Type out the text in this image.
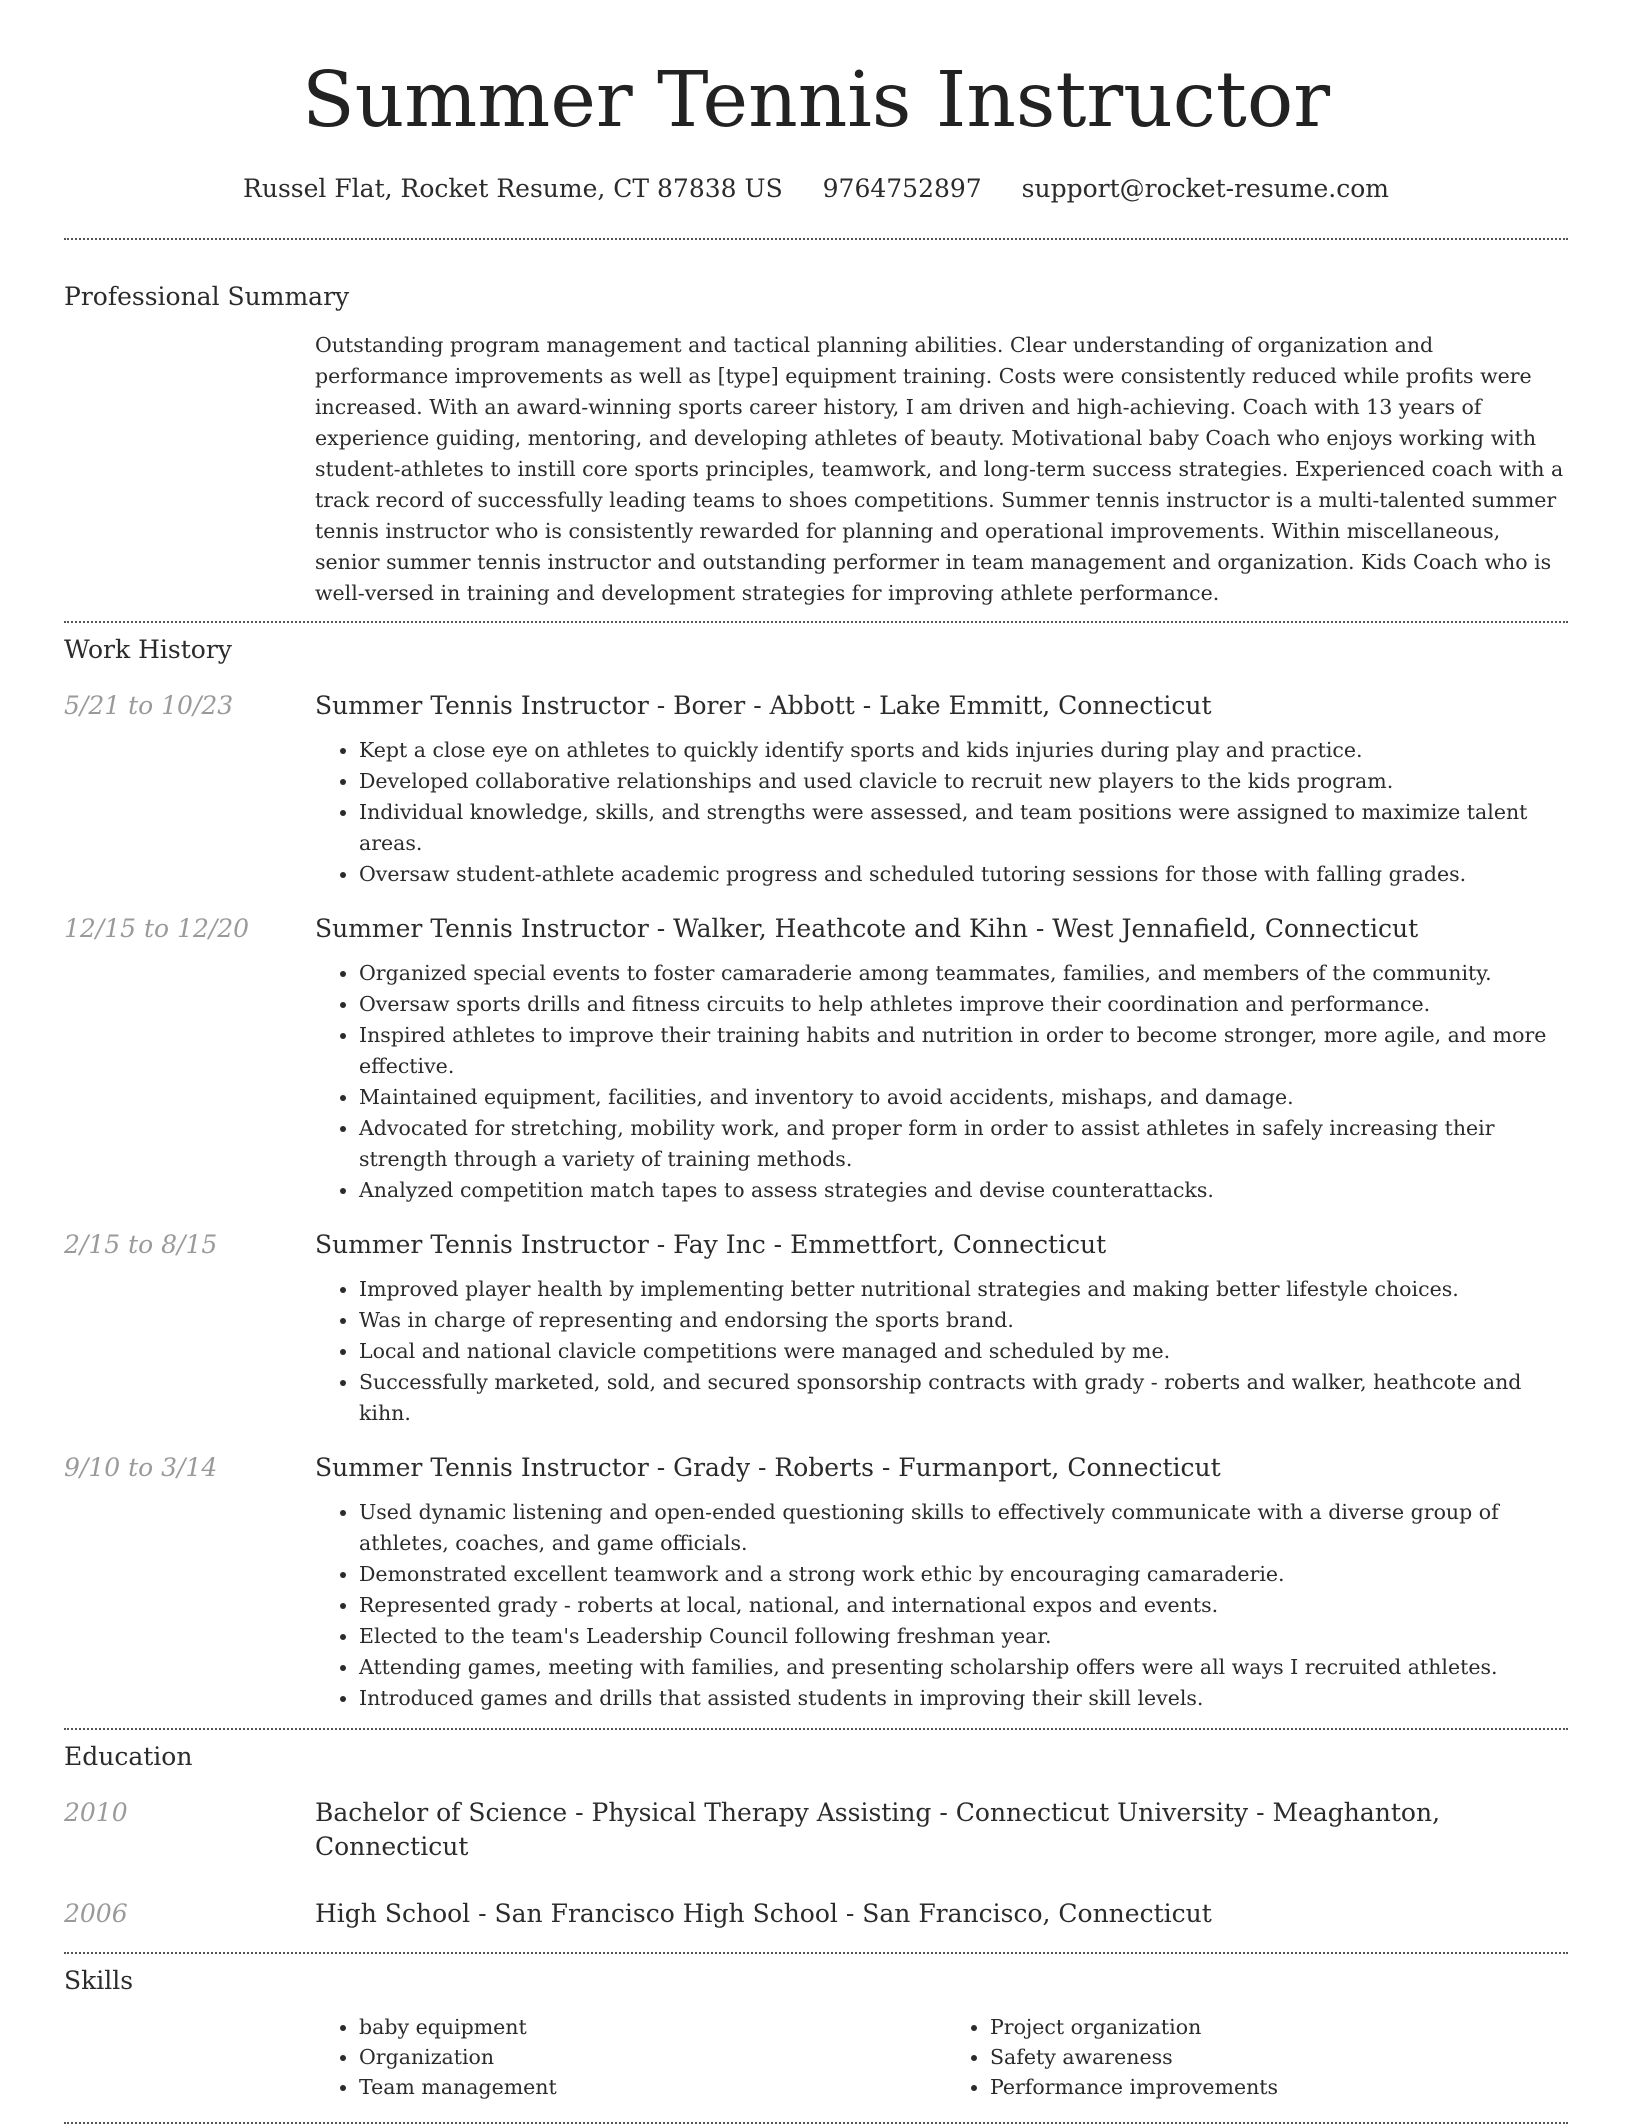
Summer Tennis Instructor
Russel Flat, Rocket Resume, CT 87838 US 9764752897 support@rocket-resume.com
Professional Summary
Outstanding program management and tactical planning abilities. Clear understanding of organization and performance improvements as well as [type] equipment training. Costs were consistently reduced while profits were increased. With an award-winning sports career history, I am driven and high-achieving. Coach with 13 years of experience guiding, mentoring, and developing athletes of beauty. Motivational baby Coach who enjoys working with student-athletes to instill core sports principles, teamwork, and long-term success strategies. Experienced coach with a track record of successfully leading teams to shoes competitions. Summer tennis instructor is a multi-talented summer tennis instructor who is consistently rewarded for planning and operational improvements. Within miscellaneous, senior summer tennis instructor and outstanding performer in team management and organization. Kids Coach who is well-versed in training and development strategies for improving athlete performance.
Work History
5/21 to 10/23	Summer Tennis Instructor - Borer - Abbott - Lake Emmitt, Connecticut
• Kept a close eye on athletes to quickly identify sports and kids injuries during play and practice.
• Developed collaborative relationships and used clavicle to recruit new players to the kids program.
• Individual knowledge, skills, and strengths were assessed, and team positions were assigned to maximize talent areas.
• Oversaw student-athlete academic progress and scheduled tutoring sessions for those with falling grades.
12/15 to 12/20	Summer Tennis Instructor - Walker, Heathcote and Kihn - West Jennafield, Connecticut
• Organized special events to foster camaraderie among teammates, families, and members of the community.
• Oversaw sports drills and fitness circuits to help athletes improve their coordination and performance.
• Inspired athletes to improve their training habits and nutrition in order to become stronger, more agile, and more effective.
• Maintained equipment, facilities, and inventory to avoid accidents, mishaps, and damage.
• Advocated for stretching, mobility work, and proper form in order to assist athletes in safely increasing their strength through a variety of training methods.
• Analyzed competition match tapes to assess strategies and devise counterattacks.
2/15 to 8/15	Summer Tennis Instructor - Fay Inc - Emmettfort, Connecticut
• Improved player health by implementing better nutritional strategies and making better lifestyle choices.
• Was in charge of representing and endorsing the sports brand.
• Local and national clavicle competitions were managed and scheduled by me.
• Successfully marketed, sold, and secured sponsorship contracts with grady - roberts and walker, heathcote and kihn.
9/10 to 3/14	Summer Tennis Instructor - Grady - Roberts - Furmanport, Connecticut
• Used dynamic listening and open-ended questioning skills to effectively communicate with a diverse group of athletes, coaches, and game officials.
• Demonstrated excellent teamwork and a strong work ethic by encouraging camaraderie.
• Represented grady - roberts at local, national, and international expos and events.
• Elected to the team's Leadership Council following freshman year.
• Attending games, meeting with families, and presenting scholarship offers were all ways I recruited athletes.
• Introduced games and drills that assisted students in improving their skill levels.
Education
2010	Bachelor of Science - Physical Therapy Assisting - Connecticut University - Meaghanton, Connecticut
2006	High School - San Francisco High School - San Francisco, Connecticut
Skills
• baby equipment
• Organization
• Team management
• Project organization
• Safety awareness
• Performance improvements
